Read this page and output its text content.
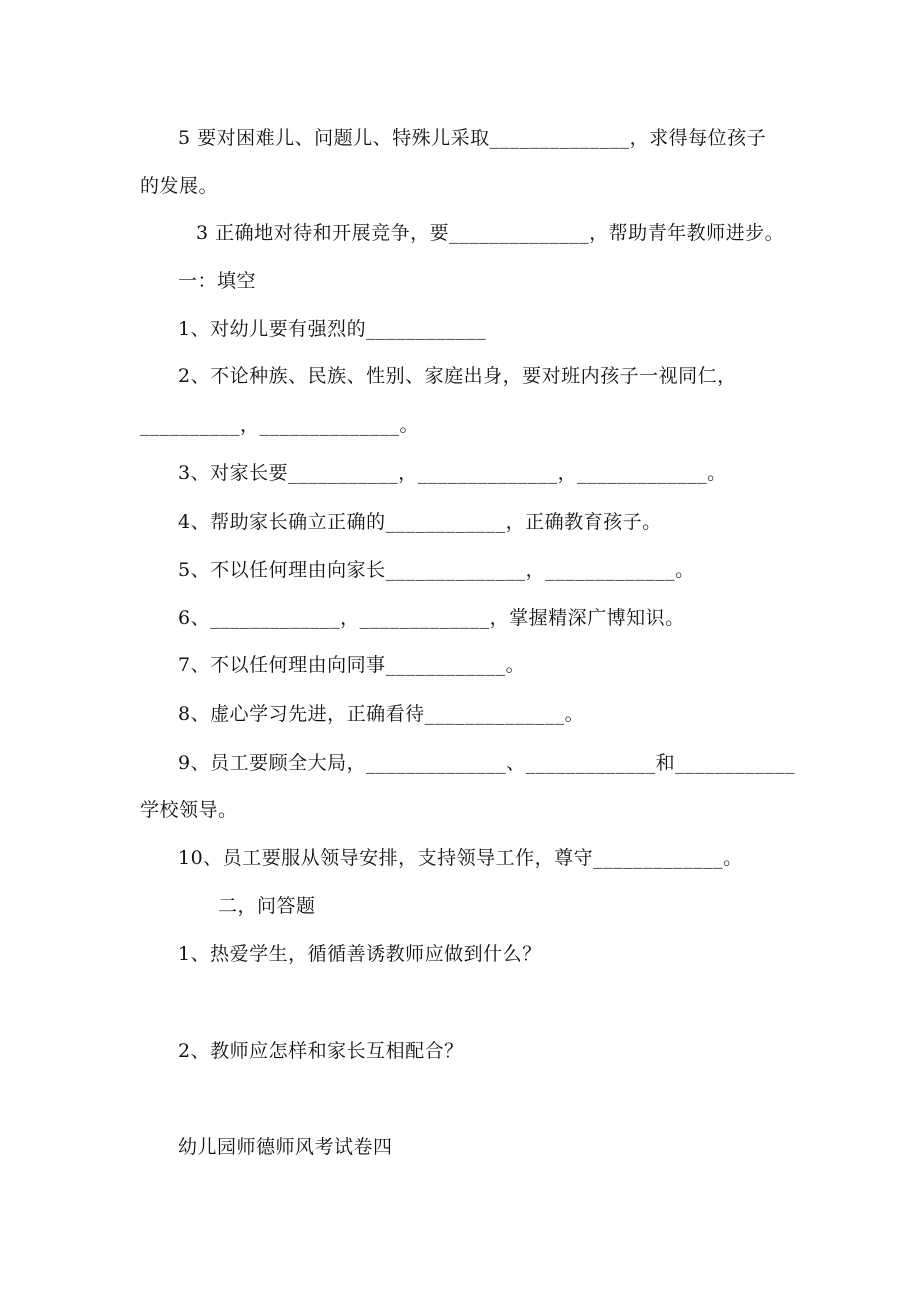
5 要对困难儿、问题儿、特殊儿采取______________，求得每位孩子
的发展。
3 正确地对待和开展竞争，要______________，帮助青年教师进步。
一：填空
1、对幼儿要有强烈的____________
2、不论种族、民族、性别、家庭出身，要对班内孩子一视同仁，
__________，______________。
3、对家长要___________，______________，_____________。
4、帮助家长确立正确的____________，正确教育孩子。
5、不以任何理由向家长______________，_____________。
6、_____________，_____________，掌握精深广博知识。
7、不以任何理由向同事____________。
8、虚心学习先进，正确看待______________。
9、员工要顾全大局，______________、_____________和____________
学校领导。
10、员工要服从领导安排，支持领导工作，尊守_____________。
二，问答题
1、热爱学生，循循善诱教师应做到什么？
2、教师应怎样和家长互相配合？
幼儿园师德师风考试卷四
